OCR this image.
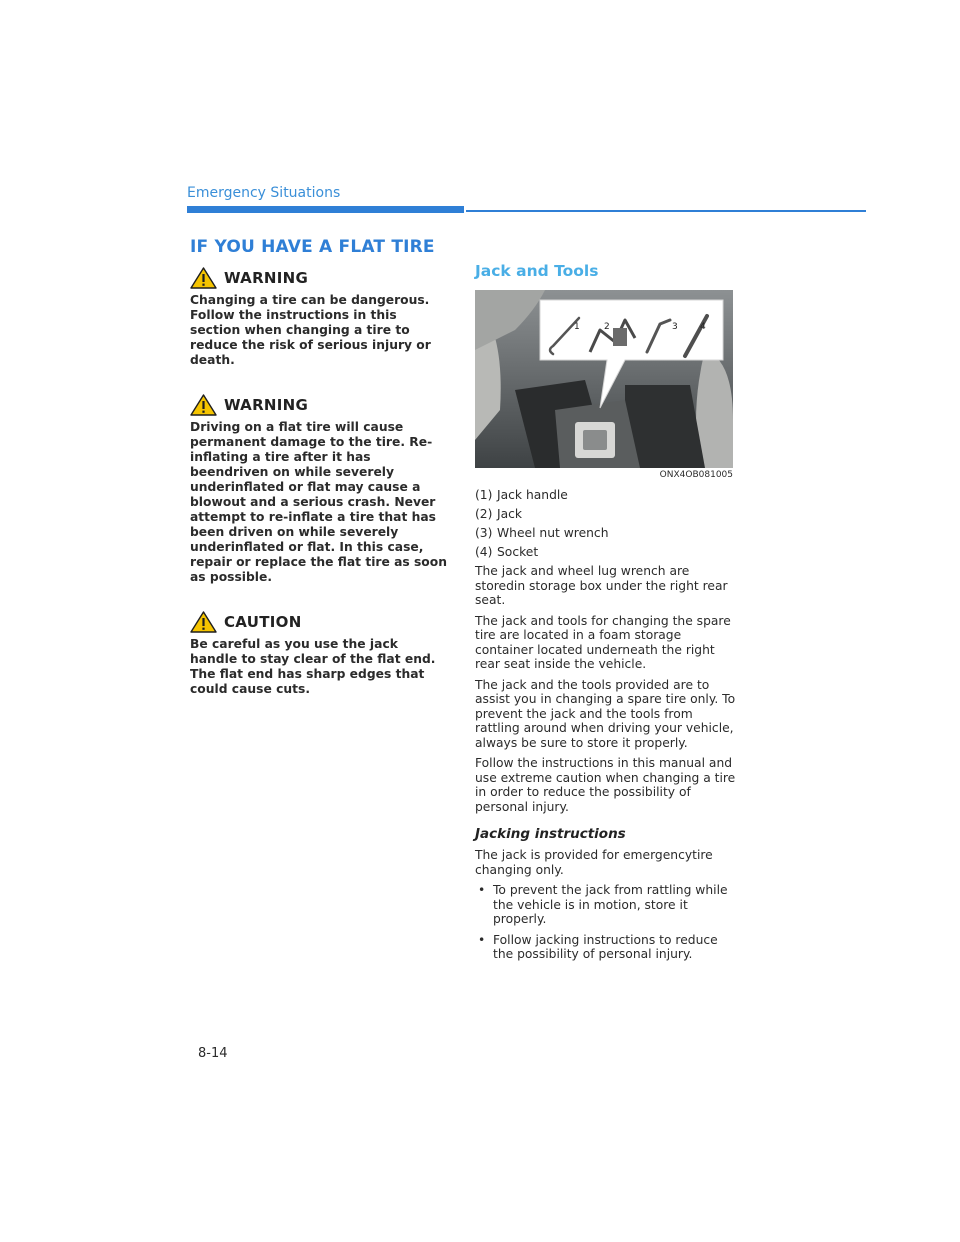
Emergency Situations
IF YOU HAVE A FLAT TIRE
WARNING

Changing a tire can be dangerous. Follow the instructions in this section when changing a tire to reduce the risk of serious injury or death.

WARNING

Driving on a flat tire will cause permanent damage to the tire. Re-inflating a tire after it has beendriven on while severely underinflated or flat may cause a blowout and a serious crash. Never attempt to re-inflate a tire that has been driven on while severely underinflated or flat. In this case, repair or replace the flat tire as soon as possible.

CAUTION

Be careful as you use the jack handle to stay clear of the flat end. The flat end has sharp edges that could cause cuts.

Jack and Tools
1	2	3 4
ONX4OB081005
(1) Jack handle
(2) Jack
(3) Wheel nut wrench
(4) Socket

The jack and wheel lug wrench are storedin storage box under the right rear seat.

The jack and tools for changing the spare tire are located in a foam storage container located underneath the right rear seat inside the vehicle.

The jack and the tools provided are to assist you in changing a spare tire only. To prevent the jack and the tools from rattling around when driving your vehicle, always be sure to store it properly.

Follow the instructions in this manual and use extreme caution when changing a tire in order to reduce the possibility of personal injury.

Jacking instructions

The jack is provided for emergencytire changing only.

• To prevent the jack from rattling while the vehicle is in motion, store it properly.
• Follow jacking instructions to reduce the possibility of personal injury.
8-14
